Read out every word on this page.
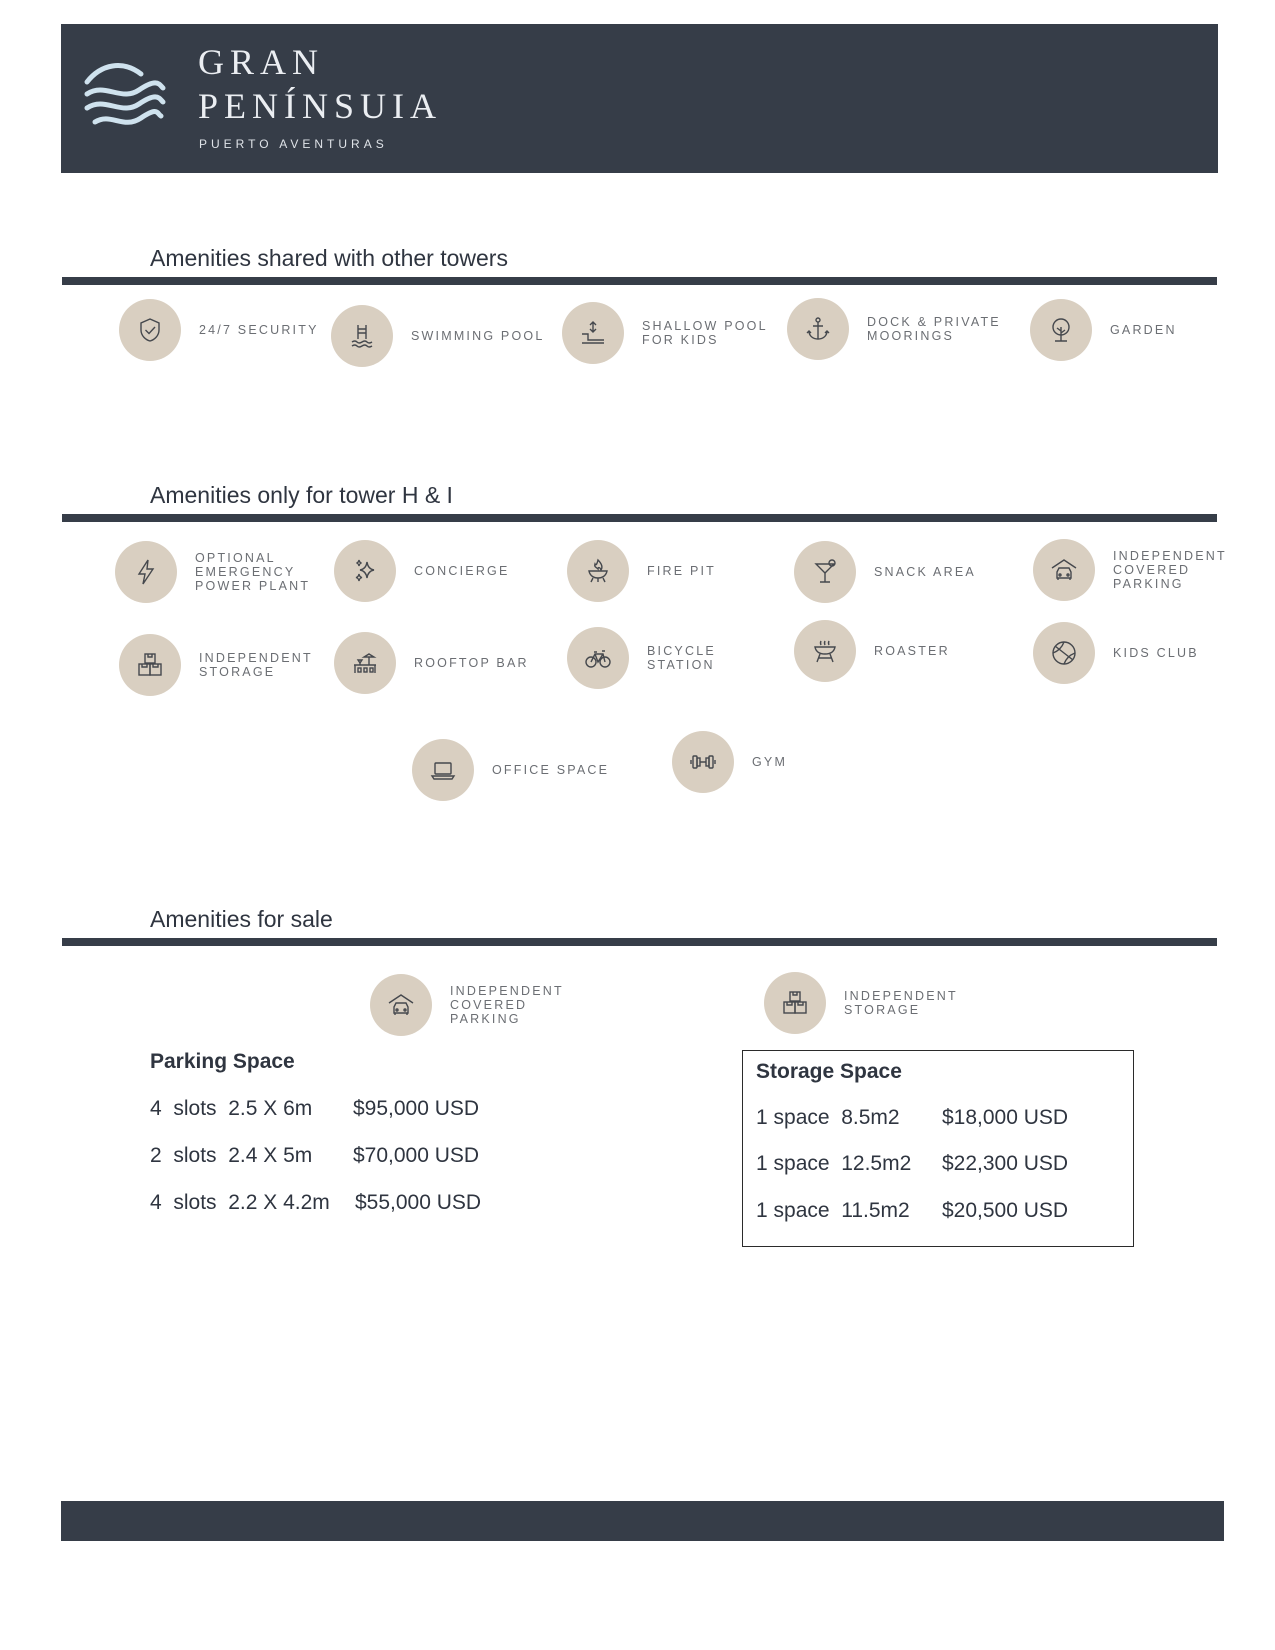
GRAN
PENÍNSUIA
PUERTO AVENTURAS
Amenities shared with other towers
24/7 SECURITY	SWIMMING POOL
SHALLOW POOL
FOR KIDS
DOCK & PRIVATE
MOORINGS	GARDEN
Amenities only for tower H & I
OPTIONAL
EMERGENCY
POWER PLANT
CONCIERGE	FIRE PIT	SNACK AREA
INDEPENDENT
COVERED
PARKING
INDEPENDENT
STORAGE
ROOFTOP BAR
BICYCLE
STATION
ROASTER	KIDS CLUB
OFFICE SPACE
GYM
Amenities for sale
INDEPENDENT
COVERED
PARKING
INDEPENDENT
STORAGE
Parking Space
4  slots  2.5 X 6m $95,000 USD
2  slots  2.4 X 5m $70,000 USD
4  slots  2.2 X 4.2m $55,000 USD
Storage Space
1 space  8.5m2 $18,000 USD
1 space  12.5m2 $22,300 USD
1 space  11.5m2 $20,500 USD
